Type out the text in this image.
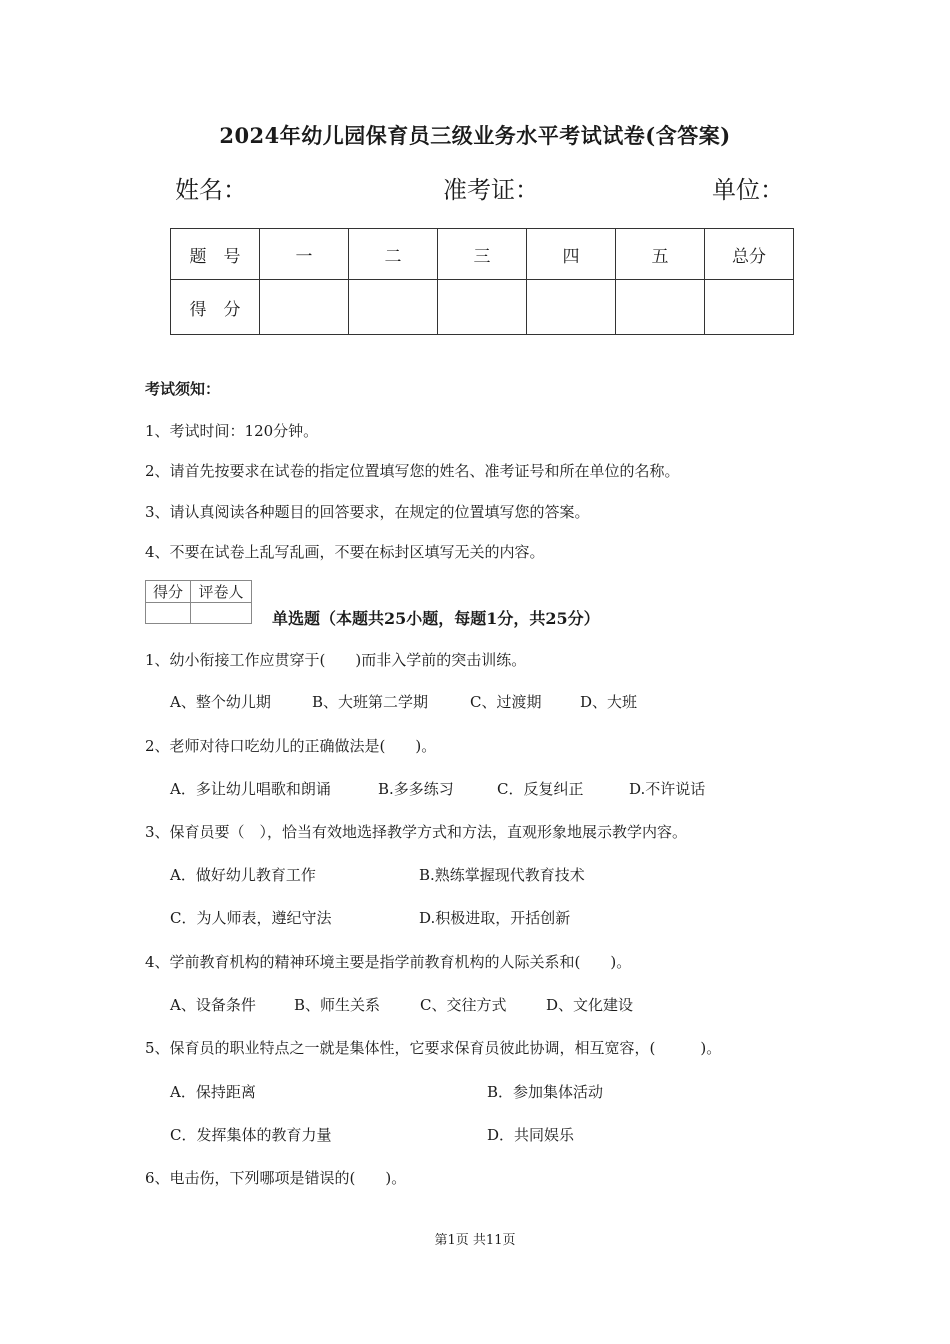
2024年幼儿园保育员三级业务水平考试试卷(含答案)
姓名：	准考证：	单位：
题　号	一	二	三	四	五	总分
得　分						
考试须知：
1、考试时间：120分钟。
2、请首先按要求在试卷的指定位置填写您的姓名、准考证号和所在单位的名称。
3、请认真阅读各种题目的回答要求，在规定的位置填写您的答案。
4、不要在试卷上乱写乱画，不要在标封区填写无关的内容。
得分	评卷人

单选题（本题共25小题，每题1分，共25分）
1、幼小衔接工作应贯穿于(　　)而非入学前的突击训练。
A、整个幼儿期	B、大班第二学期	C、过渡期	D、大班
2、老师对待口吃幼儿的正确做法是(　　)。
A．多让幼儿唱歌和朗诵	B.多多练习	C．反复纠正	D.不许说话
3、保育员要（　），恰当有效地选择教学方式和方法，直观形象地展示教学内容。
A．做好幼儿教育工作	B.熟练掌握现代教育技术
C．为人师表，遵纪守法	D.积极进取，开括创新
4、学前教育机构的精神环境主要是指学前教育机构的人际关系和(　　)。
A、设备条件	B、师生关系	C、交往方式	D、文化建设
5、保育员的职业特点之一就是集体性，它要求保育员彼此协调，相互宽容，(　　　)。
A．保持距离	B．参加集体活动
C．发挥集体的教育力量	D．共同娱乐
6、电击伤，下列哪项是错误的(　　)。
第1页 共11页
